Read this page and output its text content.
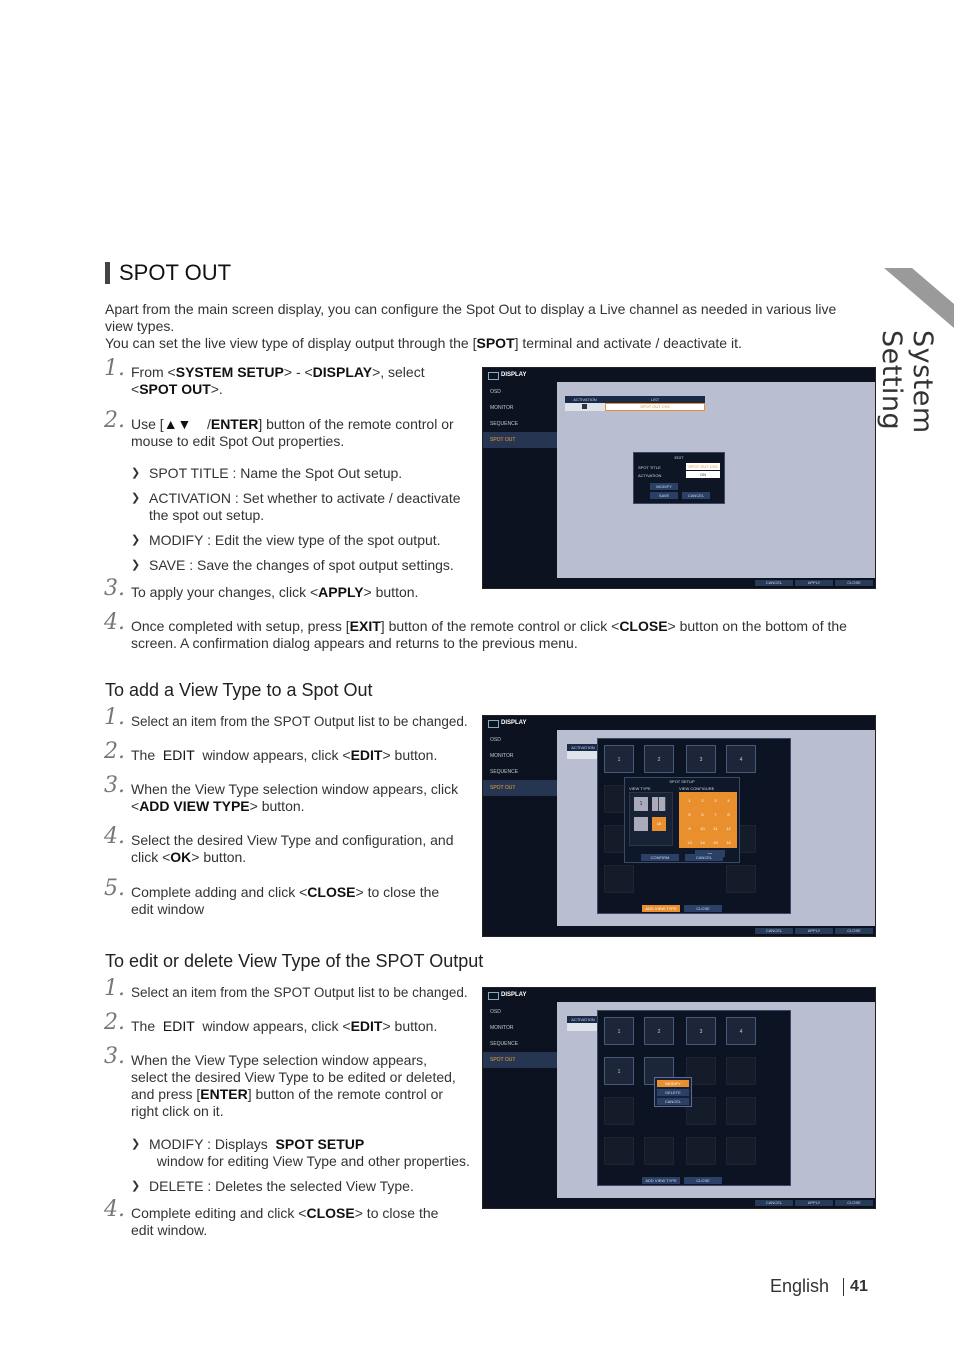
System Setting
SPOT OUT
Apart from the main screen display, you can configure the Spot Out to display a Live channel as needed in various live view types.
You can set the live view type of display output through the [SPOT] terminal and activate / deactivate it.
1. From <SYSTEM SETUP> - <DISPLAY>, select <SPOT OUT>.
2. Use [▲▼    /ENTER] button of the remote control or mouse to edit Spot Out properties.
❯ SPOT TITLE : Name the Spot Out setup.
❯ ACTIVATION : Set whether to activate / deactivate the spot out setup.
❯ MODIFY : Edit the view type of the spot output.
❯ SAVE : Save the changes of spot output settings.
3. To apply your changes, click <APPLY> button.
4. Once completed with setup, press [EXIT] button of the remote control or click <CLOSE> button on the bottom of the screen. A confirmation dialog appears and returns to the previous menu.
DISPLAY
OSD
MONITOR
SEQUENCE
SPOT OUT
ACTIVATION	LIST
SPOT OUT CH1
EDIT
SPOT TITLE	SPOT OUT CH1
ACTIVATION	ON
MODIFY
SAVE	CANCEL
CANCEL	APPLY	CLOSE
To add a View Type to a Spot Out
1. Select an item from the SPOT Output list to be changed.
2. The  EDIT  window appears, click <EDIT> button.
3. When the View Type selection window appears, click <ADD VIEW TYPE> button.
4. Select the desired View Type and configuration, and click <OK> button.
5. Complete adding and click <CLOSE> to close the edit window
DISPLAY
OSD
MONITOR
SEQUENCE
SPOT OUT
ACTIVATION
1	2	3	4
SPOT SETUP
VIEW TYPE	VIEW CONFIGURE
1
16
1	2	3	4
5	6	7	8
9	10	11	12
13	14	15	16
CONFIRM	CANCEL
ADD VIEW TYPE	CLOSE
CANCEL	APPLY	CLOSE
To edit or delete View Type of the SPOT Output
1. Select an item from the SPOT Output list to be changed.
2. The  EDIT  window appears, click <EDIT> button.
3. When the View Type selection window appears, select the desired View Type to be edited or deleted, and press [ENTER] button of the remote control or right click on it.
❯ MODIFY : Displays  SPOT SETUP  window for editing View Type and other properties.
❯ DELETE : Deletes the selected View Type.
4. Complete editing and click <CLOSE> to close the edit window.
DISPLAY
OSD
MONITOR
SEQUENCE
SPOT OUT
ACTIVATION
1	2	3	4
1
MODIFY
DELETE
CANCEL
ADD VIEW TYPE	CLOSE
CANCEL	APPLY	CLOSE
English 41
